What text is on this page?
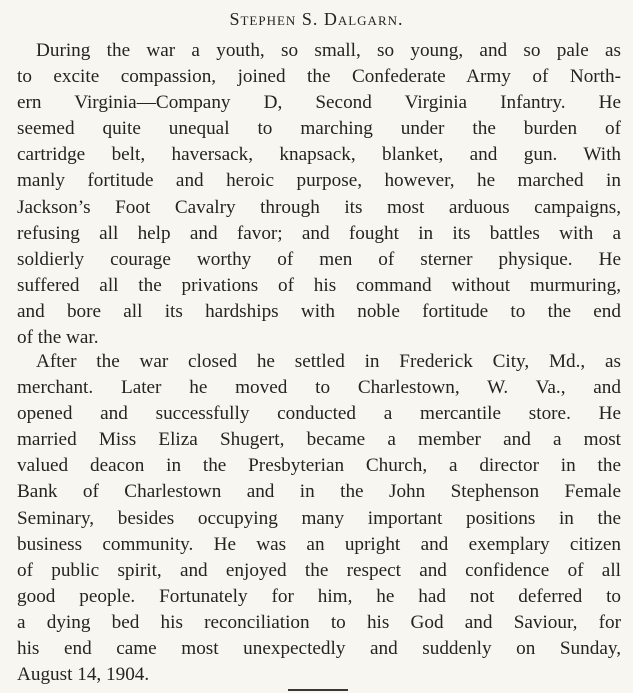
Stephen S. Dalgarn.
During the war a youth, so small, so young, and so pale as
to excite compassion, joined the Confederate Army of North-
ern Virginia—Company D, Second Virginia Infantry. He
seemed quite unequal to marching under the burden of
cartridge belt, haversack, knapsack, blanket, and gun. With
manly fortitude and heroic purpose, however, he marched in
Jackson’s Foot Cavalry through its most arduous campaigns,
refusing all help and favor; and fought in its battles with a
soldierly courage worthy of men of sterner physique. He
suffered all the privations of his command without murmuring,
and bore all its hardships with noble fortitude to the end
of the war.
After the war closed he settled in Frederick City, Md., as
merchant. Later he moved to Charlestown, W. Va., and
opened and successfully conducted a mercantile store. He
married Miss Eliza Shugert, became a member and a most
valued deacon in the Presbyterian Church, a director in the
Bank of Charlestown and in the John Stephenson Female
Seminary, besides occupying many important positions in the
business community. He was an upright and exemplary citizen
of public spirit, and enjoyed the respect and confidence of all
good people. Fortunately for him, he had not deferred to
a dying bed his reconciliation to his God and Saviour, for
his end came most unexpectedly and suddenly on Sunday,
August 14, 1904.
